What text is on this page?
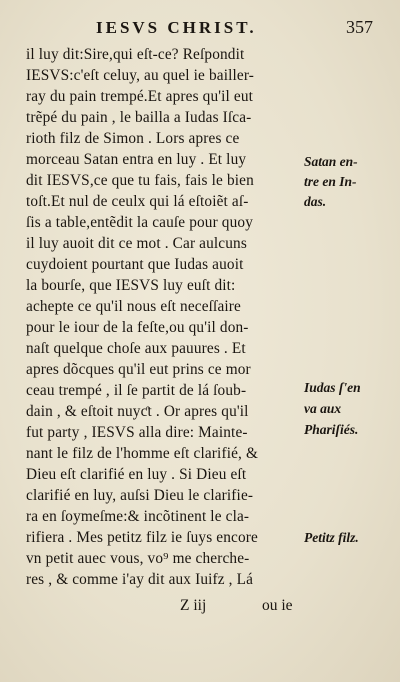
IESVS CHRIST.	357
il luy dit:Sire,qui eſt-ce? Reſpondit
IESVS:c'eſt celuy, au quel ie bailler-
ray du pain trempé.Et apres qu'il eut
trẽpé du pain , le bailla a Iudas Iſca-
rioth filz de Simon . Lors apres ce
morceau Satan entra en luy . Et luy
dit IESVS,ce que tu fais, fais le bien
toſt.Et nul de ceulx qui lá eſtoiẽt aſ-
ſis a table,entẽdit la cauſe pour quoy
il luy auoit dit ce mot . Car aulcuns
cuydoient pourtant que Iudas auoit
la bourſe, que IESVS luy euſt dit:
achepte ce qu'il nous eſt neceſſaire
pour le iour de la feſte,ou qu'il don-
naſt quelque choſe aux pauures . Et
apres dõcques qu'il eut prins ce mor
ceau trempé , il ſe partit de lá ſoub-
dain , & eſtoit nuyƈt . Or apres qu'il
fut party , IESVS alla dire: Mainte-
nant le filz de l'homme eſt clarifié, &
Dieu eſt clarifié en luy . Si Dieu eſt
clarifié en luy, auſsi Dieu le clarifie-
ra en ſoymeſme:& incõtinent le cla-
rifiera . Mes petitz filz ie ſuys encore
vn petit auec vous, vo⁹ me cherche-
res , & comme i'ay dit aux Iuifz , Lá
Satan en-
tre en In-
das.
Iudas ſ'en
va aux
Phariſiés.
Petitz filz.
Z iij	ou ie
